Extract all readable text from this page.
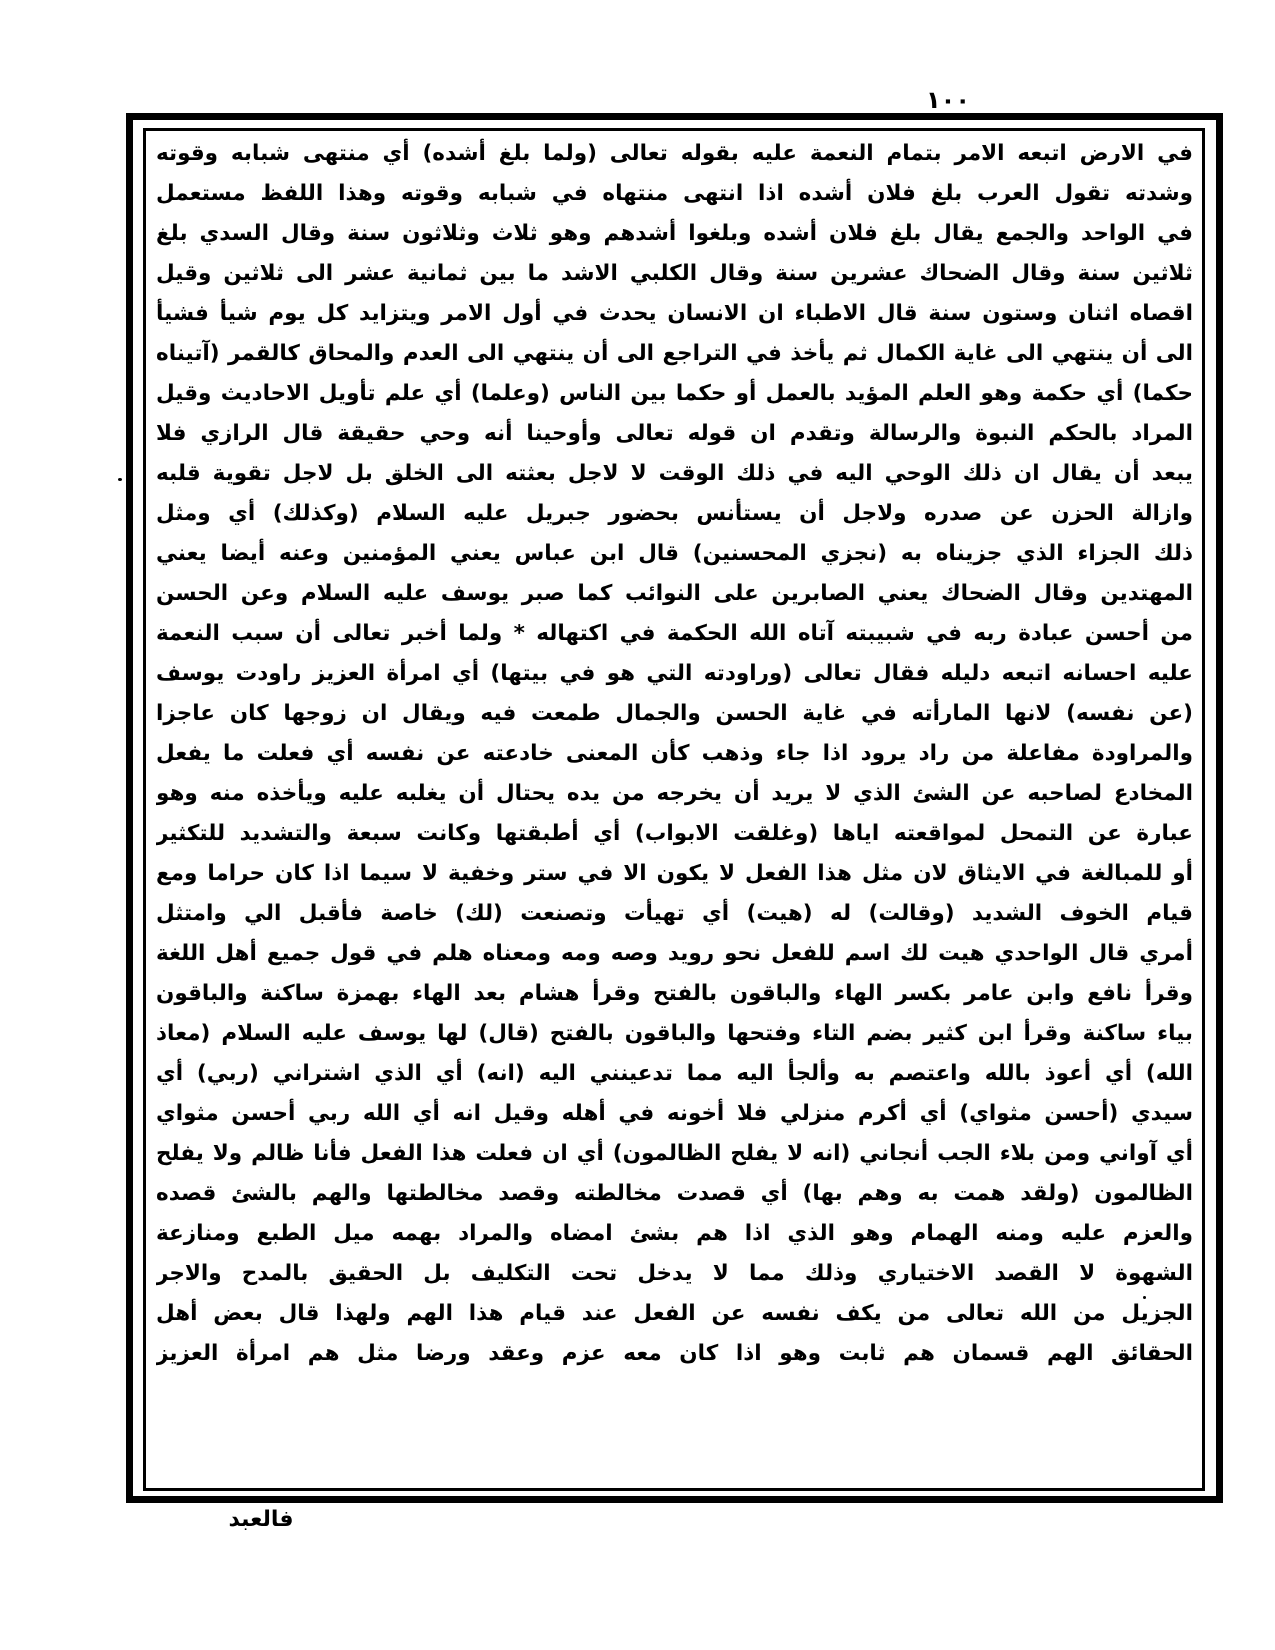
١٠٠
في الارض اتبعه الامر بتمام النعمة عليه بقوله تعالى (ولما بلغ أشده) أي منتهى شبابه وقوته
وشدته تقول العرب بلغ فلان أشده اذا انتهى منتهاه في شبابه وقوته وهذا اللفظ مستعمل
في الواحد والجمع يقال بلغ فلان أشده وبلغوا أشدهم وهو ثلاث وثلاثون سنة وقال السدي بلغ
ثلاثين سنة وقال الضحاك عشرين سنة وقال الكلبي الاشد ما بين ثمانية عشر الى ثلاثين وقيل
اقصاه اثنان وستون سنة قال الاطباء ان الانسان يحدث في أول الامر ويتزايد كل يوم شيأ فشيأ
الى أن ينتهي الى غاية الكمال ثم يأخذ في التراجع الى أن ينتهي الى العدم والمحاق كالقمر (آتيناه
حكما) أي حكمة وهو العلم المؤيد بالعمل أو حكما بين الناس (وعلما) أي علم تأويل الاحاديث وقيل
المراد بالحكم النبوة والرسالة وتقدم ان قوله تعالى وأوحينا أنه وحي حقيقة قال الرازي فلا
يبعد أن يقال ان ذلك الوحي اليه في ذلك الوقت لا لاجل بعثته الى الخلق بل لاجل تقوية قلبه
وازالة الحزن عن صدره ولاجل أن يستأنس بحضور جبريل عليه السلام (وكذلك) أي ومثل
ذلك الجزاء الذي جزيناه به (نجزي المحسنين) قال ابن عباس يعني المؤمنين وعنه أيضا يعني
المهتدين وقال الضحاك يعني الصابرين على النوائب كما صبر يوسف عليه السلام وعن الحسن
من أحسن عبادة ربه في شبيبته آتاه الله الحكمة في اكتهاله * ولما أخبر تعالى أن سبب النعمة
عليه احسانه اتبعه دليله فقال تعالى (وراودته التي هو في بيتها) أي امرأة العزيز راودت يوسف
(عن نفسه) لانها المارأته في غاية الحسن والجمال طمعت فيه ويقال ان زوجها كان عاجزا
والمراودة مفاعلة من راد يرود اذا جاء وذهب كأن المعنى خادعته عن نفسه أي فعلت ما يفعل
المخادع لصاحبه عن الشئ الذي لا يريد أن يخرجه من يده يحتال أن يغلبه عليه ويأخذه منه وهو
عبارة عن التمحل لمواقعته اياها (وغلقت الابواب) أي أطبقتها وكانت سبعة والتشديد للتكثير
أو للمبالغة في الايثاق لان مثل هذا الفعل لا يكون الا في ستر وخفية لا سيما اذا كان حراما ومع
قيام الخوف الشديد (وقالت) له (هيت) أي تهيأت وتصنعت (لك) خاصة فأقبل الي وامتثل
أمري قال الواحدي هيت لك اسم للفعل نحو رويد وصه ومه ومعناه هلم في قول جميع أهل اللغة
وقرأ نافع وابن عامر بكسر الهاء والباقون بالفتح وقرأ هشام بعد الهاء بهمزة ساكنة والباقون
بياء ساكنة وقرأ ابن كثير بضم التاء وفتحها والباقون بالفتح (قال) لها يوسف عليه السلام (معاذ
الله) أي أعوذ بالله واعتصم به وألجأ اليه مما تدعينني اليه (انه) أي الذي اشتراني (ربي) أي
سيدي (أحسن مثواي) أي أكرم منزلي فلا أخونه في أهله وقيل انه أي الله ربي أحسن مثواي
أي آواني ومن بلاء الجب أنجاني (انه لا يفلح الظالمون) أي ان فعلت هذا الفعل فأنا ظالم ولا يفلح
الظالمون (ولقد همت به وهم بها) أي قصدت مخالطته وقصد مخالطتها والهم بالشئ قصده
والعزم عليه ومنه الهمام وهو الذي اذا هم بشئ امضاه والمراد بهمه ميل الطبع ومنازعة
الشهوة لا القصد الاختياري وذلك مما لا يدخل تحت التكليف بل الحقيق بالمدح والاجر
الجزيل من الله تعالى من يكف نفسه عن الفعل عند قيام هذا الهم ولهذا قال بعض أهل
الحقائق الهم قسمان هم ثابت وهو اذا كان معه عزم وعقد ورضا مثل هم امرأة العزيز
فالعبد
